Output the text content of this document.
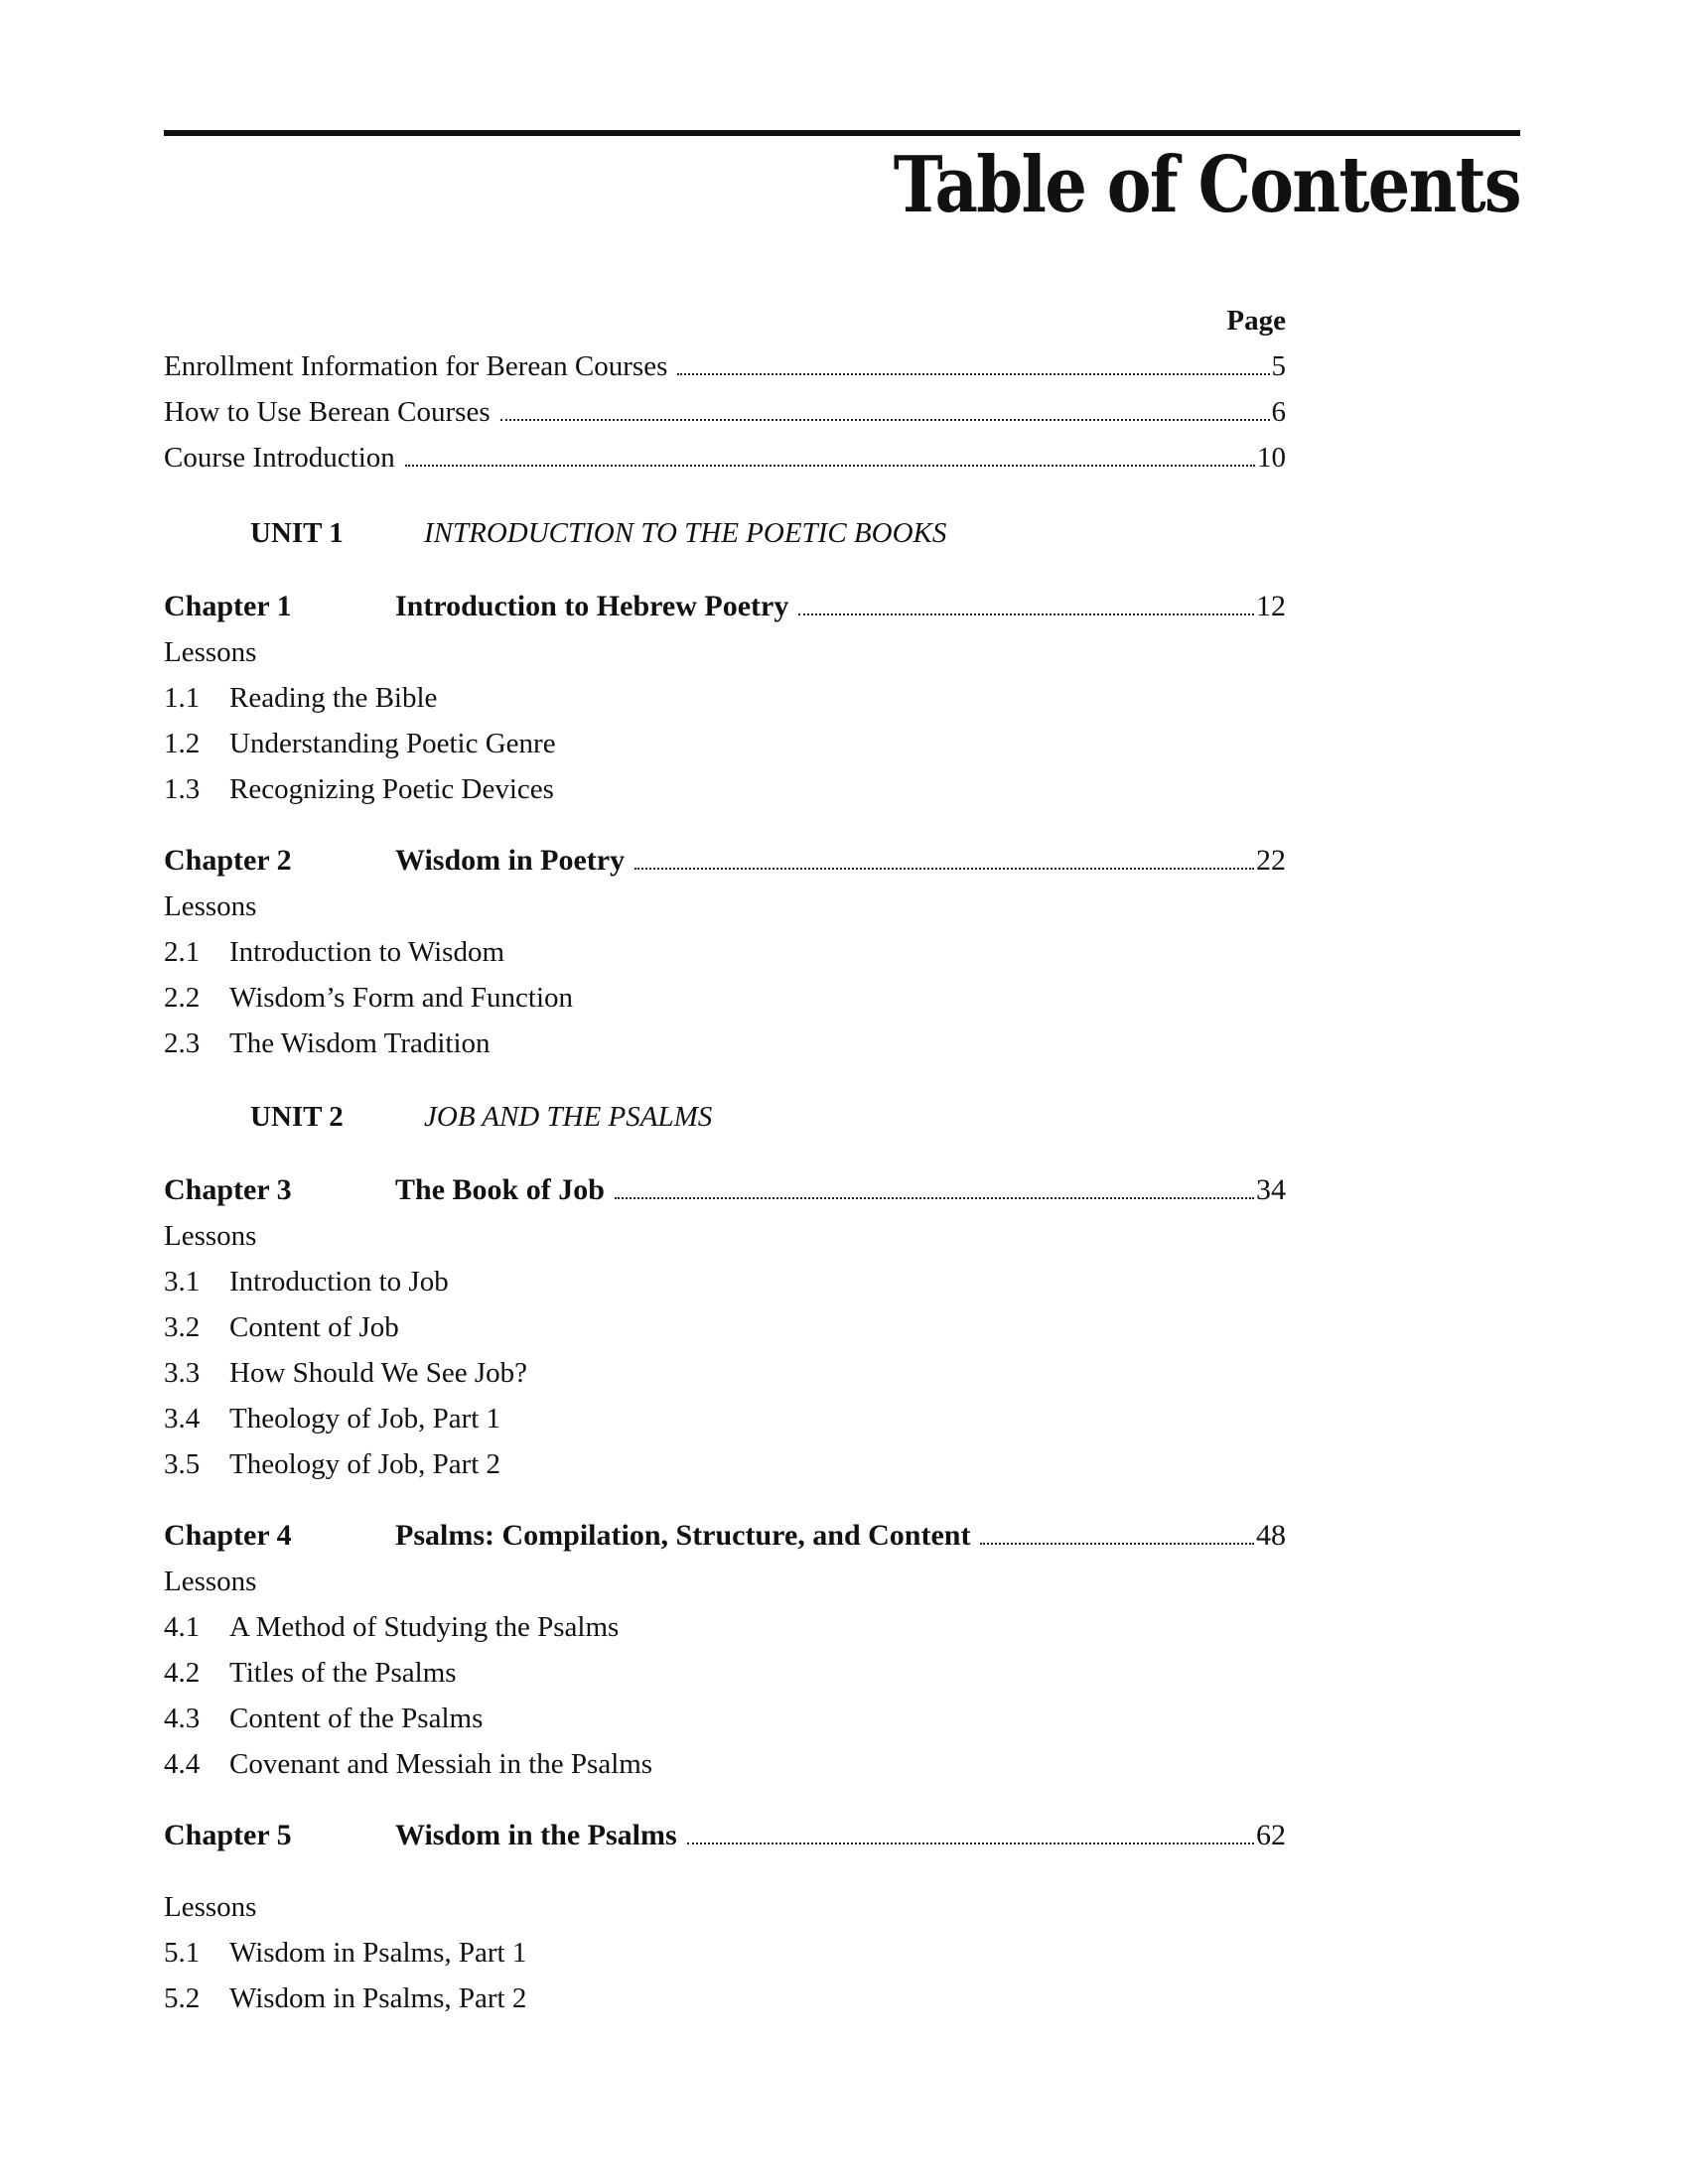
Table of Contents
Page
Enrollment Information for Berean Courses	5
How to Use Berean Courses	6
Course Introduction	10
UNIT 1	INTRODUCTION TO THE POETIC BOOKS
Chapter 1	Introduction to Hebrew Poetry	12
Lessons
1.1	Reading the Bible
1.2	Understanding Poetic Genre
1.3	Recognizing Poetic Devices
Chapter 2	Wisdom in Poetry	22
Lessons
2.1	Introduction to Wisdom
2.2	Wisdom’s Form and Function
2.3	The Wisdom Tradition
UNIT 2	JOB AND THE PSALMS
Chapter 3	The Book of Job	34
Lessons
3.1	Introduction to Job
3.2	Content of Job
3.3	How Should We See Job?
3.4	Theology of Job, Part 1
3.5	Theology of Job, Part 2
Chapter 4	Psalms: Compilation, Structure, and Content	48
Lessons
4.1	A Method of Studying the Psalms
4.2	Titles of the Psalms
4.3	Content of the Psalms
4.4	Covenant and Messiah in the Psalms
Chapter 5	Wisdom in the Psalms	62
Lessons
5.1	Wisdom in Psalms, Part 1
5.2	Wisdom in Psalms, Part 2
